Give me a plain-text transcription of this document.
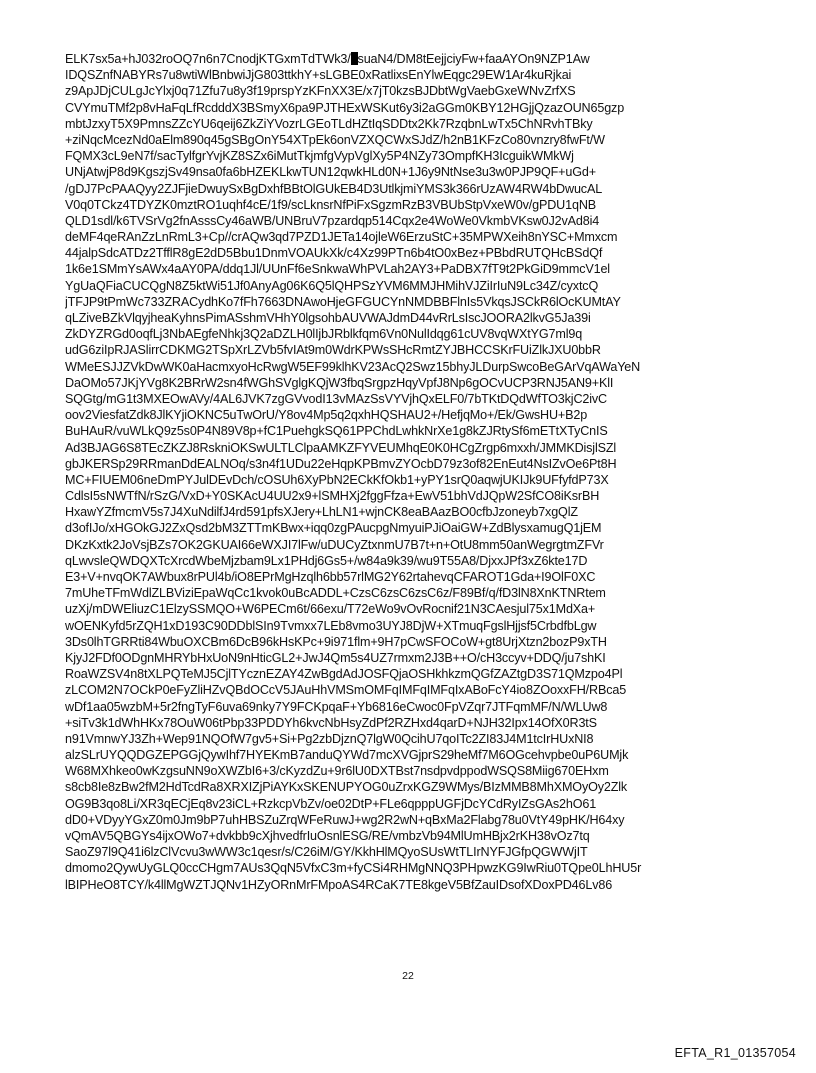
ELK7sx5a+hJ032roOQ7n6n7CnodjKTGxmTdTWk3/ suaN4/DM8tEejjciyFw+faaAYOn9NZP1Aw
IDQSZnfNABYRs7u8wtiWlBnbwiJjG803ttkhY+sLGBE0xRatlixsEnYlwEqgc29EW1Ar4kuRjkai
z9ApJDjCULgJcYlxj0q71Zfu7u8y3f19prspYzKFnXX3E/x7jT0kzsBJDbtWgVaebGxeWNvZrfXS
CVYmuTMf2p8vHaFqLfRcdddX3BSmyX6pa9PJTHExWSKut6y3i2aGGm0KBY12HGjjQzazOUN65gzp
mbtJzxyT5X9PmnsZZcYU6qeij6ZkZiYVozrLGEoTLdHZtIqSDDtx2Kk7RzqbnLwTx5ChNRvhTBky
+ziNqcMcezNd0aElm890q45gSBgOnY54XTpEk6onVZXQCWxSJdZ/h2nB1KFzCo80vnzry8fwFt/W
FQMX3cL9eN7f/sacTylfgrYvjKZ8SZx6iMutTkjmfgVypVglXy5P4NZy73OmpfKH3IcguikWMkWj
UNjAtwjP8d9KgszjSv49nsa0fa6bHZEKLkwTUN12qwkHLd0N+1J6y9NtNse3u3w0PJP9QF+uGd+
/gDJ7PcPAAQyy2ZJFjieDwuySxBgDxhfBBtOlGUkEB4D3UtlkjmiYMS3k366rUzAW4RW4bDwucAL
V0q0TCkz4TDYZK0mztRO1uqhf4cE/1f9/scLknsrNfPiFxSgzmRzB3VBUbStpVxeW0v/gPDU1qNB
QLD1sdl/k6TVSrVg2fnAsssCy46aWB/UNBruV7pzardqp514Cqx2e4WoWe0VkmbVKsw0J2vAd8i4
deMF4qeRAnZzLnRmL3+Cp//crAQw3qd7PZD1JETa14ojleW6ErzuStC+35MPWXeih8nYSC+Mmxcm
44jalpSdcATDz2TfflR8gE2dD5Bbu1DnmVOAUkXk/c4Xz99PTn6b4tO0xBez+PBbdRUTQHcBSdQf
1k6e1SMmYsAWx4aAY0PA/ddq1Jl/UUnFf6eSnkwaWhPVLah2AY3+PaDBX7fT9t2PkGiD9mmcV1el
YgUaQFiaCUCQgN8Z5ktWi51Jf0AnyAg06K6Q5lQHPSzYVM6MMJHMihVJZiIrIuN9Lc34Z/cyxtcQ
jTFJP9tPmWc733ZRACydhKo7fFh7663DNAwoHjeGFGUCYnNMDBBFlnIs5VkqsJSCkR6lOcKUMtAY
qLZiveBZkVlqyjheaKyhnsPimASshmVHhY0lgsohbAUVWAJdmD44vRrLsIscJOORA2lkvG5Ja39i
ZkDYZRGd0oqfLj3NbAEgfeNhkj3Q2aDZLH0lIjbJRblkfqm6Vn0NulIdqg61cUV8vqWXtYG7ml9q
udG6ziIpRJASlirrCDKMG2TSpXrLZVb5fvIAt9m0WdrKPWsSHcRmtZYJBHCCSKrFUiZlkJXU0bbR
WMeESJJZVkDwWK0aHacmxyoHcRwgW5EF99klhKV23AcQ2Swz15bhyJLDurpSwcoBeGArVqAWaYeN
DaOMo57JKjYVg8K2BRrW2sn4fWGhSVglgKQjW3fbqSrgpzHqyVpfJ8Np6gOCvUCP3RNJ5AN9+KlI
SQGtg/mG1t3MXEOwAVy/4AL6JVK7zgGVvodI13vMAzSsVYVjhQxELF0/7bTKtDQdWfTO3kjC2ivC
oov2ViesfatZdk8JlKYjiOKNC5uTwOrU/Y8ov4Mp5q2qxhHQSHAU2+/HefjqMo+/Ek/GwsHU+B2p
BuHAuR/vuWLkQ9z5s0P4N89V8p+fC1PuehgkSQ61PPChdLwhkNrXe1g8kZJRtySf6mETtXTyCnIS
Ad3BJAG6S8TEcZKZJ8RskniOKSwULTLClpaAMKZFYVEUMhqE0K0HCgZrgp6mxxh/JMMKDisjlSZl
gbJKERSp29RRmanDdEALNOq/s3n4f1UDu22eHqpKPBmvZYOcbD79z3of82EnEut4NsIZvOe6Pt8H
MC+FIUEM06neDmPYJulDEvDch/cOSUh6XyPbN2ECkKfOkb1+yPY1srQ0aqwjUKIJk9UFfyfdP73X
CdlsI5sNWTfN/rSzG/VxD+Y0SKAcU4UU2x9+lSMHXj2fggFfza+EwV51bhVdJQpW2SfCO8iKsrBH
HxawYZfmcmV5s7J4XuNdilfJ4rd591pfsXJery+LhLN1+wjnCK8eaBAazBO0cfbJzoneyb7xgQlZ
d3ofIJo/xHGOkGJ2ZxQsd2bM3ZTTmKBwx+iqq0zgPAucpgNmyuiPJiOaiGW+ZdBlysxamugQ1jEM
DKzKxtk2JoVsjBZs7OK2GKUAI66eWXJI7lFw/uDUCyZtxnmU7B7t+n+OtU8mm50anWegrgtmZFVr
qLwvsleQWDQXTcXrcdWbeMjzbam9Lx1PHdj6Gs5+/w84a9k39/wu9T55A8/DjxxJPf3xZ6kte17D
E3+V+nvqOK7AWbux8rPUl4b/iO8EPrMgHzqlh6bb57rlMG2Y62rtahevqCFAROT1Gda+I9OlF0XC
7mUheTFmWdlZLBViziEpaWqCc1kvok0uBcADDL+CzsC6zsC6zsC6z/F89Bf/q/fD3lN8XnKTNRtem
uzXj/mDWEliuzC1ElzySSMQO+W6PECm6t/66exu/T72eWo9vOvRocnif21N3CAesjul75x1MdXa+
wOENKyfd5rZQH1xD193C90DDblSIn9Tvmxx7LEb8vmo3UYJ8DjW+XTmuqFgslHjjsf5CrbdfbLgw
3Ds0lhTGRRti84WbuOXCBm6DcB96kHsKPc+9i971flm+9H7pCwSFOCoW+gt8UrjXtzn2bozP9xTH
KjyJ2FDf0ODgnMHRYbHxUoN9nHticGL2+JwJ4Qm5s4UZ7rmxm2J3B++O/cH3ccyv+DDQ/ju7shKI
RoaWZSV4n8tXLPQTeMJ5CjlTYcznEZAY4ZwBgdAdJOSFQjaOSHkhkzmQGfZAZtgD3S71QMzpo4Pl
zLCOM2N7OCkP0eFyZliHZvQBdOCcV5JAuHhVMSmOMFqIMFqIMFqIxABoFcY4io8ZOoxxFH/RBca5
wDf1aa05wzbM+5r2fngTyF6uva69nky7Y9FCKpqaF+Yb6816eCwoc0FpVZqr7JTFqmMF/N/WLUw8
+siTv3k1dWhHKx78OuW06tPbp33PDDYh6kvcNbHsyZdPf2RZHxd4qarD+NJH32Ipx14OfX0R3tS
n91VmnwYJ3Zh+Wep91NQOfW7gv5+Si+Pg2zbDjznQ7lgW0QcihU7qoITc2ZI83J4M1tcIrHUxNI8
alzSLrUYQQDGZEPGGjQywIhf7HYEKmB7anduQYWd7mcXVGjprS29heMf7M6OGcehvpbe0uP6UMjk
W68MXhkeo0wKzgsuNN9oXWZbI6+3/cKyzdZu+9r6lU0DXTBst7nsdpvdppodWSQS8Miig670EHxm
s8cb8Ie8zBw2fM2HdTcdRa8XRXIZjPiAYKxSKENUPYOG0uZrxKGZ9WMys/BIzMMB8MhXMOyOy2Zlk
OG9B3qo8Li/XR3qECjEq8v23iCL+RzkcpVbZv/oe02DtP+FLe6qpppUGFjDcYCdRyIZsGAs2hO61
dD0+VDyyYGxZ0m0Jm9bP7uhHBSZuZrqWFeRuwJ+wg2R2wN+qBxMa2Flabg78u0VtY49pHK/H64xy
vQmAV5QBGYs4ijxOWo7+dvkbb9cXjhvedfrIuOsnlESG/RE/vmbzVb94MlUmHBjx2rKH38vOz7tq
SaoZ97l9Q41i6lzClVcvu3wWW3c1qesr/s/C26iM/GY/KkhHlMQyoSUsWtTLIrNYFJGfpQGWWjIT
dmomo2QywUyGLQ0ccCHgm7AUs3QqN5VfxC3m+fyCSi4RHMgNNQ3PHpwzKG9IwRiu0TQpe0LhHU5r
lBIPHeO8TCY/k4llMgWZTJQNv1HZyORnMrFMpoAS4RCaK7TE8kgeV5BfZauIDsofXDoxPD46Lv86
22
EFTA_R1_01357054
